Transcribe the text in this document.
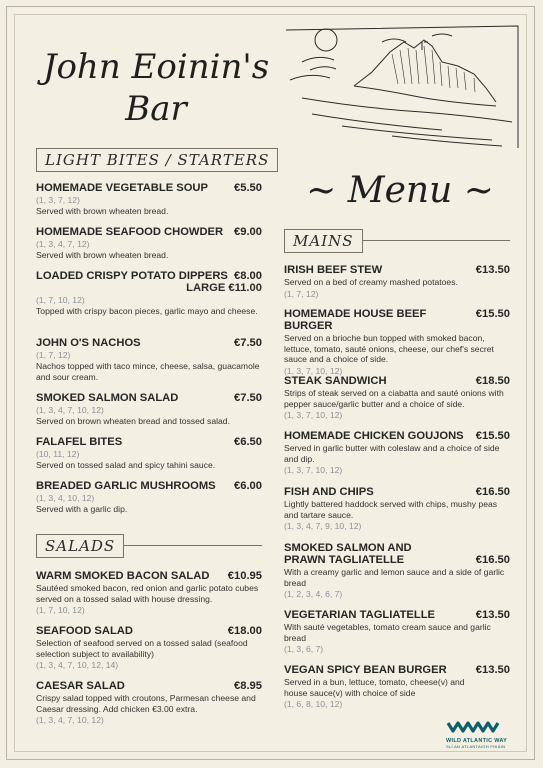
John Eoinin's
Bar
~ Menu ~
LIGHT BITES / STARTERS
HOMEMADE VEGETABLE SOUP €5.50
(1, 3, 7, 12)
Served with brown wheaten bread.
HOMEMADE SEAFOOD CHOWDER €9.00
(1, 3, 4, 7, 12)
Served with brown wheaten bread.
LOADED CRISPY POTATO DIPPERS €8.00
LARGE €11.00
(1, 7, 10, 12)
Topped with crispy bacon pieces, garlic mayo and cheese.
JOHN O'S NACHOS	€7.50
(1, 7, 12)
Nachos topped with taco mince, cheese, salsa, guacamole and sour cream.
SMOKED SALMON SALAD	€7.50
(1, 3, 4, 7, 10, 12)
Served on brown wheaten bread and tossed salad.
FALAFEL BITES	€6.50
(10, 11, 12)
Served on tossed salad and spicy tahini sauce.
BREADED GARLIC MUSHROOMS €6.00
(1, 3, 4, 10, 12)
Served with a garlic dip.
SALADS
WARM SMOKED BACON SALAD €10.95
Sautéed smoked bacon, red onion and garlic potato cubes served on a tossed salad with house dressing.
(1, 7, 10, 12)
SEAFOOD SALAD	€18.00
Selection of seafood served on a tossed salad (seafood selection subject to availability)
(1, 3, 4, 7, 10, 12, 14)
CAESAR SALAD	€8.95
Crispy salad topped with croutons, Parmesan cheese and Caesar dressing. Add chicken €3.00 extra.
(1, 3, 4, 7, 10, 12)
MAINS
IRISH BEEF STEW	€13.50
Served on a bed of creamy mashed potatoes.
(1, 7, 12)
HOMEMADE HOUSE BEEF BURGER
€15.50
Served on a brioche bun topped with smoked bacon, lettuce, tomato, sauté onions, cheese, our chef's secret sauce and a choice of side.
(1, 3, 7, 10, 12)
STEAK SANDWICH	€18.50
Strips of steak served on a ciabatta and sauté onions with pepper sauce/garlic butter and a choice of side.
(1, 3, 7, 10, 12)
HOMEMADE CHICKEN GOUJONS €15.50
Served in garlic butter with coleslaw and a choice of side and dip.
(1, 3, 7, 10, 12)
FISH AND CHIPS	€16.50
Lightly battered haddock served with chips, mushy peas and tartare sauce.
(1, 3, 4, 7, 9, 10, 12)
SMOKED SALMON AND PRAWN TAGLIATELLE	€16.50
With a creamy garlic and lemon sauce and a side of garlic bread
(1, 2, 3, 4, 6, 7)
VEGETARIAN TAGLIATELLE	€13.50
With sauté vegetables, tomato cream sauce and garlic bread
(1, 3, 6, 7)
VEGAN SPICY BEAN BURGER	€13.50
Served in a bun, lettuce, tomato, cheese(v) and house sauce(v) with choice of side
(1, 6, 8, 10, 12)
WILD ATLANTIC WAY
SLÍ AN ATLANTAIGH FHIÁIN
